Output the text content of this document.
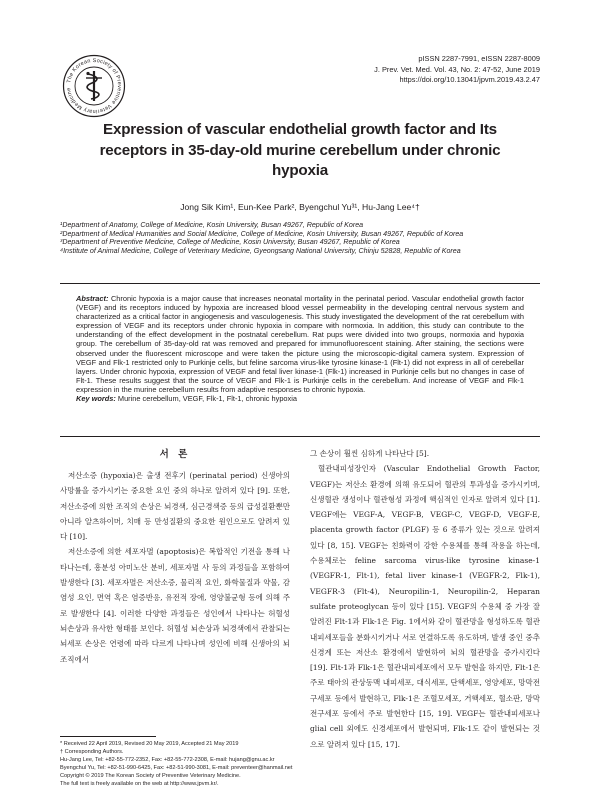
The Korean Society of Preventive Veterinary Medicine
pISSN 2287-7991, eISSN 2287-8009
J. Prev. Vet. Med. Vol. 43, No. 2: 47-52, June 2019
https://doi.org/10.13041/jpvm.2019.43.2.47
Expression of vascular endothelial growth factor and Its receptors in 35-day-old murine cerebellum under chronic hypoxia
Jong Sik Kim¹, Eun-Kee Park², Byengchul Yu³¹, Hu-Jang Lee⁴†
¹Department of Anatomy, College of Medicine, Kosin University, Busan 49267, Republic of Korea
²Department of Medical Humanities and Social Medicine, College of Medicine, Kosin University, Busan 49267, Republic of Korea
³Department of Preventive Medicine, College of Medicine, Kosin University, Busan 49267, Republic of Korea
⁴Institute of Animal Medicine, College of Veterinary Medicine, Gyeongsang National University, Chinju 52828, Republic of Korea
Abstract: Chronic hypoxia is a major cause that increases neonatal mortality in the perinatal period. Vascular endothelial growth factor (VEGF) and its receptors induced by hypoxia are increased blood vessel permeability in the developing central nervous system and characterized as a critical factor in angiogenesis and vasculogenesis. This study investigated the development of the rat cerebellum with expression of VEGF and its receptors under chronic hypoxia in compare with normoxia. In addition, this study can contribute to the understanding of the effect development in the postnatal cerebellum. Rat pups were divided into two groups, normoxia and hypoxia group. The cerebellum of 35-day-old rat was removed and prepared for immunofluorescent staining. After staining, the sections were observed under the fluorescent microscope and were taken the picture using the microscopic-digital camera system. Expression of VEGF and Flk-1 restricted only to Purkinje cells, but feline sarcoma virus-like tyrosine kinase-1 (Flt-1) did not express in all of cerebellar layers. Under chronic hypoxia, expression of VEGF and fetal liver kinase-1 (Flk-1) increased in Purkinje cells but no changes in case of Flt-1. These results suggest that the source of VEGF and Flk-1 is Purkinje cells in the cerebellum. And increase of VEGF and Flk-1 expression in the murine cerebellum results from adaptive responses to chronic hypoxia.
Key words: Murine cerebellum, VEGF, Flk-1, Flt-1, chronic hypoxia
서 론

저산소증 (hypoxia)은 출생 전후기 (perinatal period) 신생아의 사망률을 증가시키는 중요한 요인 중의 하나로 알려져 있다 [9]. 또한, 저산소증에 의한 조직의 손상은 뇌경색, 심근경색증 등의 급성질환뿐만 아니라 알츠하이머, 치매 등 만성질환의 중요한 원인으로도 알려져 있다 [10].

저산소증에 의한 세포자멸 (apoptosis)은 복합적인 기전을 통해 나타나는데, 흥분성 아미노산 분비, 세포자멸 사 등의 과정들을 포함하여 발생한다 [3]. 세포자멸은 저산소증, 물리적 요인, 화학물질과 약물, 감염성 요인, 면역 혹은 염증반응, 유전적 장애, 영양불균형 등에 의해 주로 발생한다 [4]. 이러한 다양한 과정들은 성인에서 나타나는 허혈성 뇌손상과 유사한 형태를 보인다. 허혈성 뇌손상과 뇌경색에서 관찰되는 뇌세포 손상은 연령에 따라 다르게 나타나며 성인에 비해 신생아의 뇌 조직에서

그 손상이 훨씬 심하게 나타난다 [5].

혈관내피성장인자 (Vascular Endothelial Growth Factor, VEGF)는 저산소 환경에 의해 유도되어 혈관의 투과성을 증가시키며, 신생혈관 생성이나 혈관형성 과정에 핵심적인 인자로 알려져 있다 [1]. VEGF에는 VEGF-A, VEGF-B, VEGF-C, VEGF-D, VEGF-E, placenta growth factor (PLGF) 등 6 종류가 있는 것으로 알려져 있다 [8, 15]. VEGF는 친화력이 강한 수용체를 통해 작용을 하는데, 수용체로는 feline sarcoma virus-like tyrosine kinase-1 (VEGFR-1, Flt-1), fetal liver kinase-1 (VEGFR-2, Flk-1), VEGFR-3 (Flt-4), Neuropilin-1, Neuropilin-2, Heparan sulfate proteoglycan 등이 있다 [15]. VEGF의 수용체 중 가장 잘 알려진 Flt-1과 Flk-1은 Fig. 1에서와 같이 혈관망을 형성하도록 혈관내피세포들을 분화시키거나 서로 연결하도록 유도하며, 발생 중인 중추신경계 또는 저산소 환경에서 발현하여 뇌의 혈관망을 증가시킨다 [19]. Flt-1과 Flk-1은 혈관내피세포에서 모두 발현을 하지만, Flt-1은 주로 태아의 관상동맥 내피세포, 대식세포, 단핵세포, 영양세포, 망막전구세포 등에서 발현하고, Flk-1은 조혈모세포, 거핵세포, 혈소판, 망막전구세포 등에서 주로 발현한다 [15, 19]. VEGF는 혈관내피세포나 glial cell 외에도 신경세포에서 발현되며, Flk-1도 같이 발현되는 것으로 알려져 있다 [15, 17].

* Received 22 April 2019, Revised 20 May 2019, Accepted 21 May 2019
† Corresponding Authors.
Hu-Jang Lee, Tel: +82-55-772-2352, Fax: +82-55-772-2308, E-mail: hujang@gnu.ac.kr
Byengchul Yu, Tel: +82-51-990-6425, Fax: +82-51-990-3081, E-mail: preventeer@hanmail.net
Copyright © 2019 The Korean Society of Preventive Veterinary Medicine.
The full text is freely available on the web at http://www.jpvm.kr/.
